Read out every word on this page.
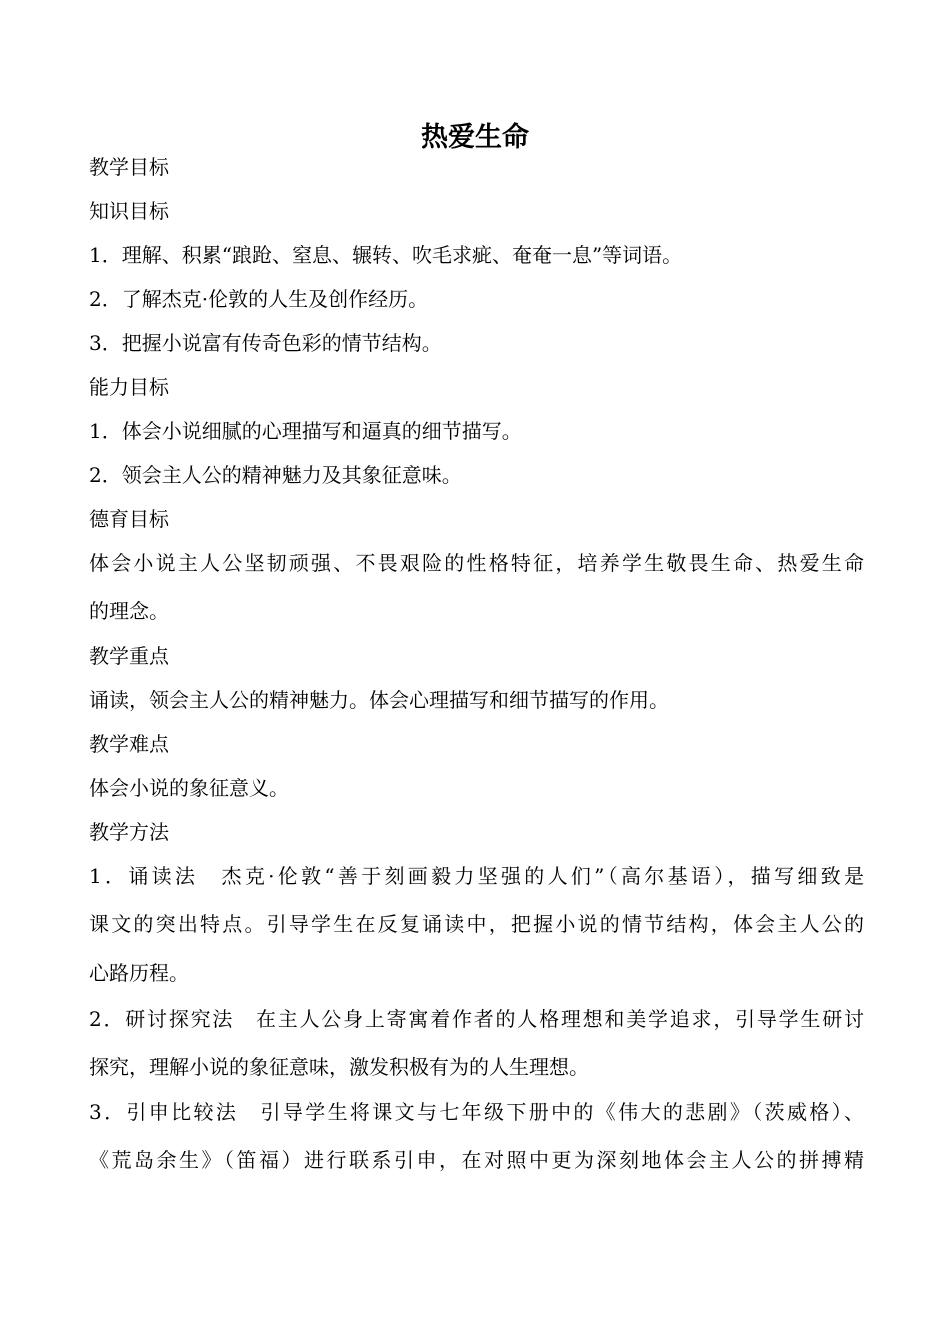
热爱生命
教学目标
知识目标
1．理解、积累“踉跄、窒息、辗转、吹毛求疵、奄奄一息”等词语。
2．了解杰克·伦敦的人生及创作经历。
3．把握小说富有传奇色彩的情节结构。
能力目标
1．体会小说细腻的心理描写和逼真的细节描写。
2．领会主人公的精神魅力及其象征意味。
德育目标
体会小说主人公坚韧顽强、不畏艰险的性格特征，培养学生敬畏生命、热爱生命
的理念。
教学重点
诵读，领会主人公的精神魅力。体会心理描写和细节描写的作用。
教学难点
体会小说的象征意义。
教学方法
1．诵读法　杰克·伦敦“善于刻画毅力坚强的人们”（高尔基语），描写细致是
课文的突出特点。引导学生在反复诵读中，把握小说的情节结构，体会主人公的
心路历程。
2．研讨探究法　在主人公身上寄寓着作者的人格理想和美学追求，引导学生研讨
探究，理解小说的象征意味，激发积极有为的人生理想。
3．引申比较法　引导学生将课文与七年级下册中的《伟大的悲剧》（茨威格）、
《荒岛余生》（笛福）进行联系引申，在对照中更为深刻地体会主人公的拼搏精
